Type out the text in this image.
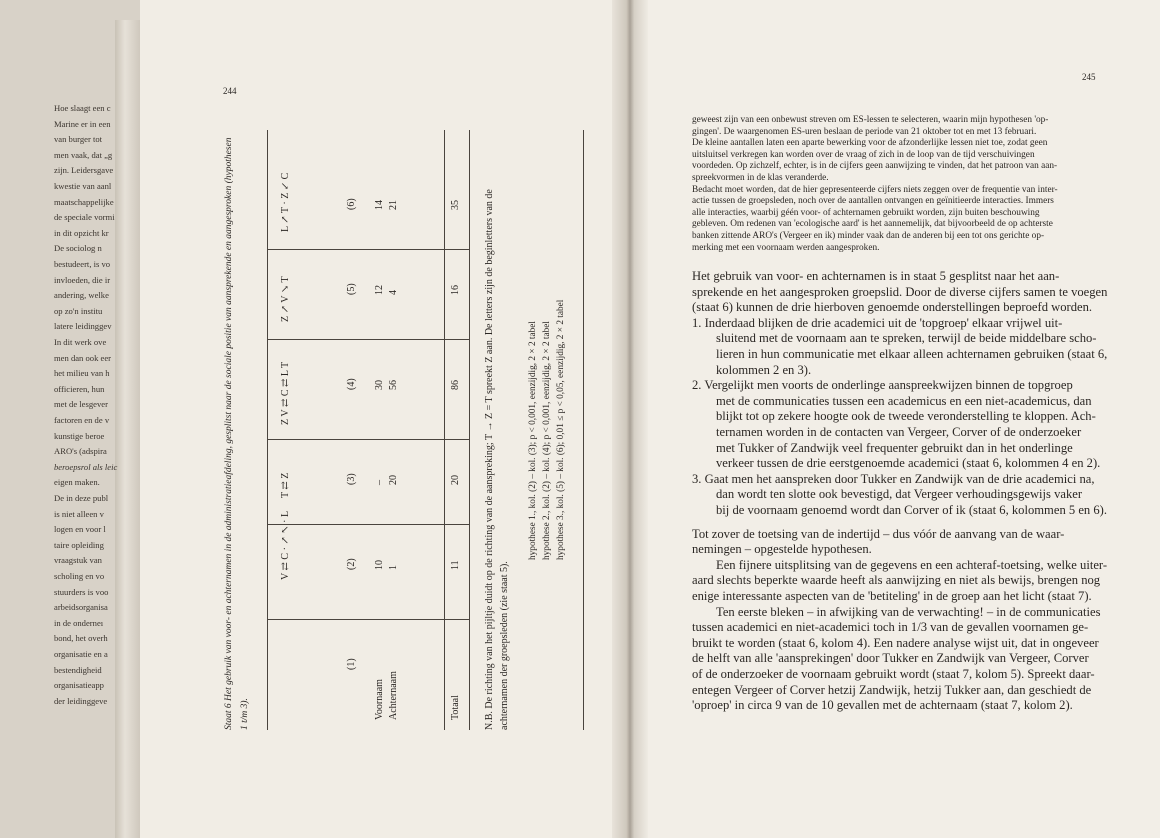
Hoe slaagt een c
Marine er in een
van burger tot
men vaak, dat „g
zijn. Leidersgave
kwestie van aanl
maatschappelijke
de speciale vormi
in dit opzicht kr
De sociolog n
bestudeert, is vo
invloeden, die ir
andering, welke
op zo'n institu
latere leidinggev
In dit werk ove
men dan ook eer
het milieu van h
officieren, hun
met de lesgever
factoren en de v
kunstige beroe
ARO's (adspira
beroepsrol als leic
eigen maken.
De in deze publ
is niet alleen v
logen en voor l
taire opleiding
vraagstuk van
scholing en vo
stuurders is voo
arbeidsorganisa
in de onderneı
bond, het overh
organisatie en a
bestendigheid
organisatieapp
der leidinggeve
244
Staat 6 Het gebruik van voor- en achternamen in de administratieafdeling, gesplitst naar de sociale positie van aansprekende en aangesproken (hypothesen 1 t/m 3).
V ⇄ C · ↗ ↖ · L
T ⇄ Z
Z V ⇄ C ⇄ L T
Z ↗ V ↘ T
L ↗ T · Z ↙ C
(1)
(2)
(3)
(4)
(5)
(6)
Voornaam Achternaam	Totaal
10
–
30
12
14
1
20
56
4
21
11
20
86
16
35 N.B. De richting van het pijltje duidt op de richting van de aanspreking; T → Z = T spreekt Z aan. De letters zijn de beginletters van de achternamen der groepsleden (zie staat 5).
hypothese 1., kol. (2) – kol. (3); p < 0,001, eenzijdig, 2 × 2 tabel hypothese 2., kol. (2) – kol. (4); p < 0,001, eenzijdig, 2 × 2 tabel hypothese 3., kol. (5) – kol. (6); 0,01 ≤ p < 0,05, eenzijdig, 2 × 2 tabel
245
geweest zijn van een onbewust streven om ES-lessen te selecteren, waarin mijn hypothesen 'op-
gingen'. De waargenomen ES-uren beslaan de periode van 21 oktober tot en met 13 februari.
De kleine aantallen laten een aparte bewerking voor de afzonderlijke lessen niet toe, zodat geen
uitsluitsel verkregen kan worden over de vraag of zich in de loop van de tijd verschuivingen
voordeden. Op zichzelf, echter, is in de cijfers geen aanwijzing te vinden, dat het patroon van aan-
spreekvormen in de klas veranderde.
Bedacht moet worden, dat de hier gepresenteerde cijfers niets zeggen over de frequentie van inter-
actie tussen de groepsleden, noch over de aantallen ontvangen en geïnitieerde interacties. Immers
alle interacties, waarbij géén voor- of achternamen gebruikt worden, zijn buiten beschouwing
gebleven. Om redenen van 'ecologische aard' is het aannemelijk, dat bijvoorbeeld de op achterste
banken zittende ARO's (Vergeer en ik) minder vaak dan de anderen bij een tot ons gerichte op-
merking met een voornaam werden aangesproken.
Het gebruik van voor- en achternamen is in staat 5 gesplitst naar het aan-
sprekende en het aangesproken groepslid. Door de diverse cijfers samen te voegen
(staat 6) kunnen de drie hierboven genoemde onderstellingen beproefd worden.
1. Inderdaad blijken de drie academici uit de 'topgroep' elkaar vrijwel uit-
sluitend met de voornaam aan te spreken, terwijl de beide middelbare scho-
lieren in hun communicatie met elkaar alleen achternamen gebruiken (staat 6,
kolommen 2 en 3).
2. Vergelijkt men voorts de onderlinge aanspreekwijzen binnen de topgroep
met de communicaties tussen een academicus en een niet-academicus, dan
blijkt tot op zekere hoogte ook de tweede veronderstelling te kloppen. Ach-
ternamen worden in de contacten van Vergeer, Corver of de onderzoeker
met Tukker of Zandwijk veel frequenter gebruikt dan in het onderlinge
verkeer tussen de drie eerstgenoemde academici (staat 6, kolommen 4 en 2).
3. Gaat men het aanspreken door Tukker en Zandwijk van de drie academici na,
dan wordt ten slotte ook bevestigd, dat Vergeer verhoudingsgewijs vaker
bij de voornaam genoemd wordt dan Corver of ik (staat 6, kolommen 5 en 6).
Tot zover de toetsing van de indertijd – dus vóór de aanvang van de waar-
nemingen – opgestelde hypothesen.
Een fijnere uitsplitsing van de gegevens en een achteraf-toetsing, welke uiter-
aard slechts beperkte waarde heeft als aanwijzing en niet als bewijs, brengen nog
enige interessante aspecten van de 'betiteling' in de groep aan het licht (staat 7).
Ten eerste bleken – in afwijking van de verwachting! – in de communicaties
tussen academici en niet-academici toch in 1/3 van de gevallen voornamen ge-
bruikt te worden (staat 6, kolom 4). Een nadere analyse wijst uit, dat in ongeveer
de helft van alle 'aansprekingen' door Tukker en Zandwijk van Vergeer, Corver
of de onderzoeker de voornaam gebruikt wordt (staat 7, kolom 5). Spreekt daar-
entegen Vergeer of Corver hetzij Zandwijk, hetzij Tukker aan, dan geschiedt de
'oproep' in circa 9 van de 10 gevallen met de achternaam (staat 7, kolom 2).
